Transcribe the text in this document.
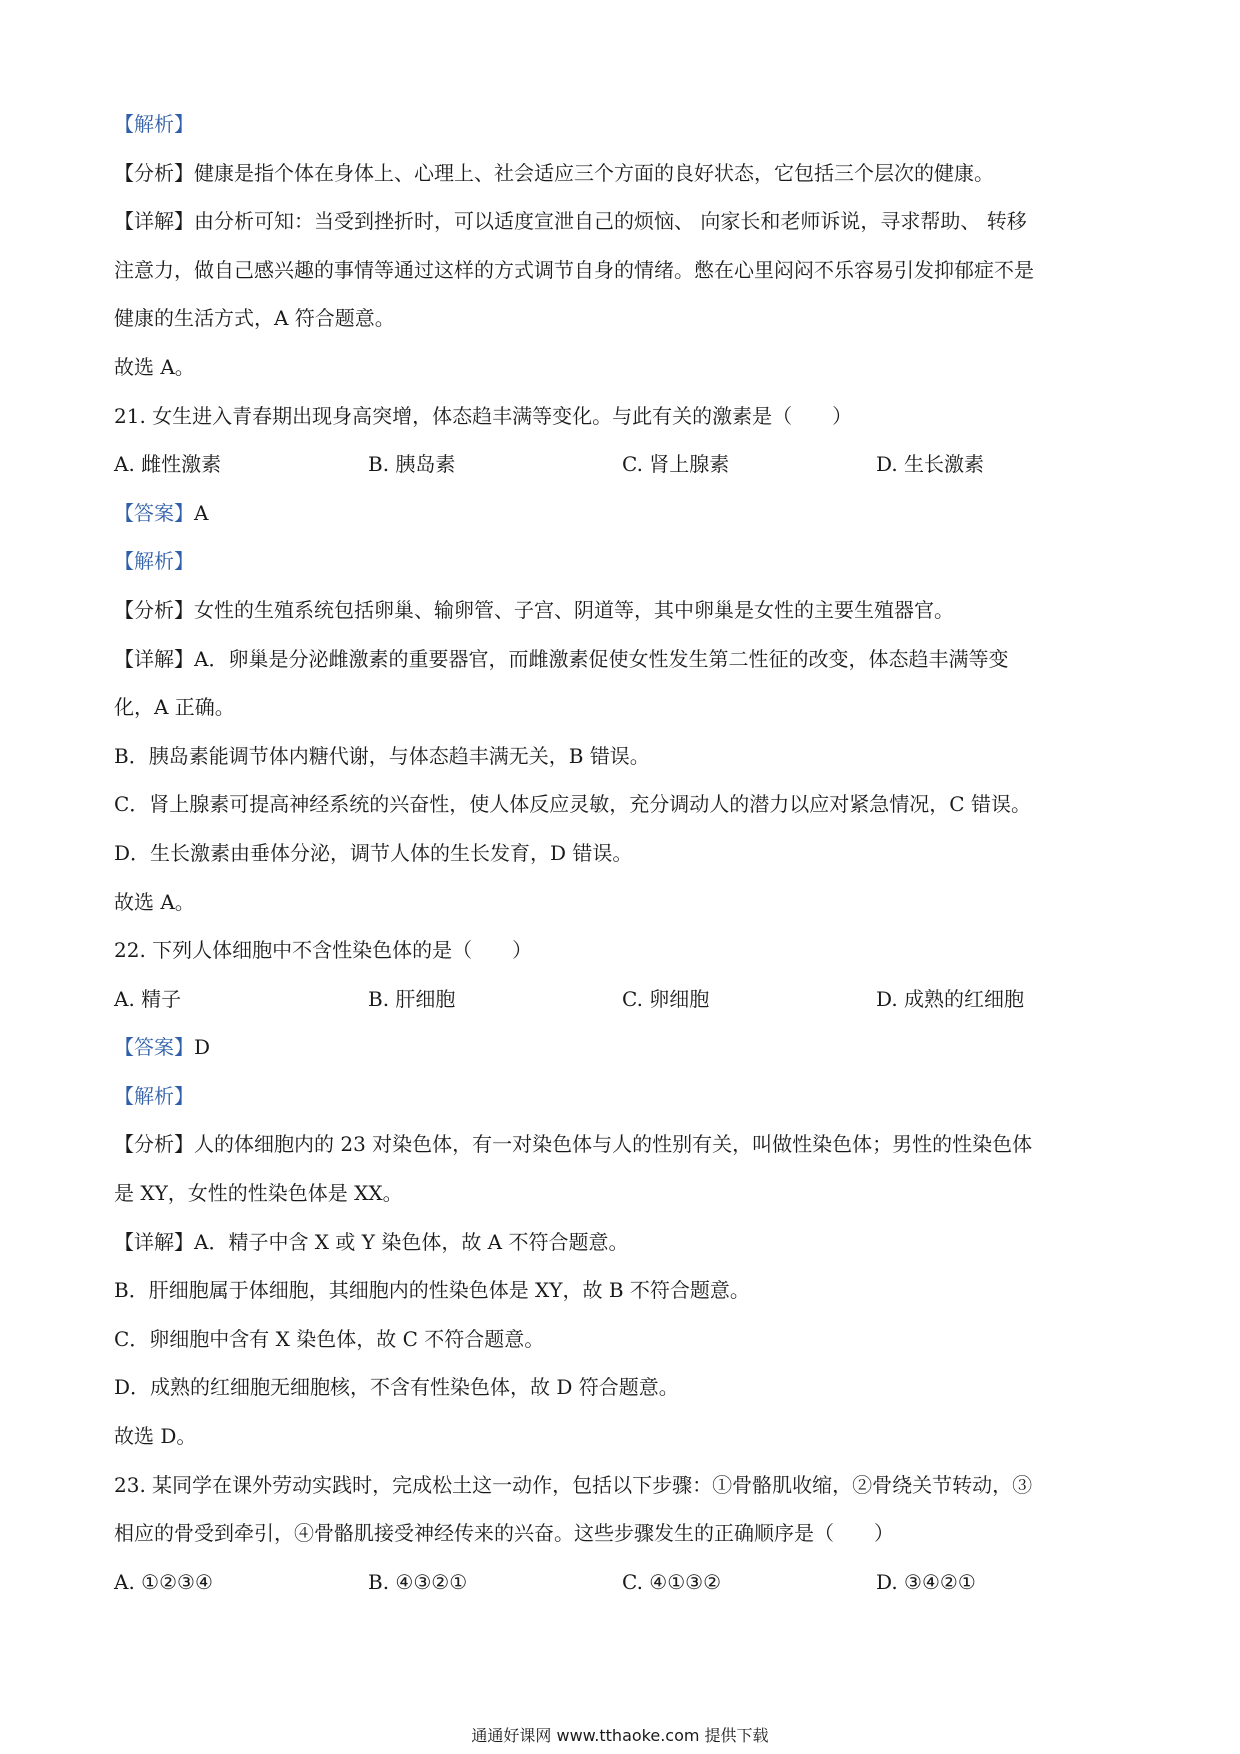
【解析】
【分析】健康是指个体在身体上、心理上、社会适应三个方面的良好状态，它包括三个层次的健康。
【详解】由分析可知：当受到挫折时，可以适度宣泄自己的烦恼、 向家长和老师诉说，寻求帮助、 转移
注意力，做自己感兴趣的事情等通过这样的方式调节自身的情绪。憋在心里闷闷不乐容易引发抑郁症不是
健康的生活方式，A 符合题意。
故选 A。
21. 女生进入青春期出现身高突增，体态趋丰满等变化。与此有关的激素是（　　）
A. 雌性激素	B. 胰岛素	C. 肾上腺素	D. 生长激素
【答案】A
【解析】
【分析】女性的生殖系统包括卵巢、输卵管、子宫、阴道等，其中卵巢是女性的主要生殖器官。
【详解】A．卵巢是分泌雌激素的重要器官，而雌激素促使女性发生第二性征的改变，体态趋丰满等变
化，A 正确。
B．胰岛素能调节体内糖代谢，与体态趋丰满无关，B 错误。
C．肾上腺素可提高神经系统的兴奋性，使人体反应灵敏，充分调动人的潜力以应对紧急情况，C 错误。
D．生长激素由垂体分泌，调节人体的生长发育，D 错误。
故选 A。
22. 下列人体细胞中不含性染色体的是（　　）
A. 精子	B. 肝细胞	C. 卵细胞	D. 成熟的红细胞
【答案】D
【解析】
【分析】人的体细胞内的 23 对染色体，有一对染色体与人的性别有关，叫做性染色体；男性的性染色体
是 XY，女性的性染色体是 XX。
【详解】A．精子中含 X 或 Y 染色体，故 A 不符合题意。
B．肝细胞属于体细胞，其细胞内的性染色体是 XY，故 B 不符合题意。
C．卵细胞中含有 X 染色体，故 C 不符合题意。
D．成熟的红细胞无细胞核，不含有性染色体，故 D 符合题意。
故选 D。
23. 某同学在课外劳动实践时，完成松土这一动作，包括以下步骤：①骨骼肌收缩，②骨绕关节转动，③
相应的骨受到牵引，④骨骼肌接受神经传来的兴奋。这些步骤发生的正确顺序是（　　）
A. ①②③④	B. ④③②①	C. ④①③②	D. ③④②①
通通好课网 www.tthaoke.com 提供下载
